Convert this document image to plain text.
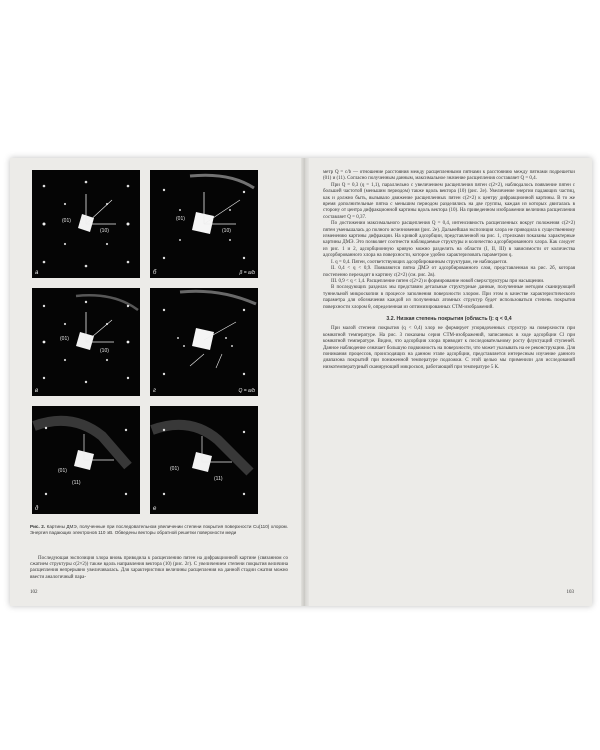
(01)
(10)
а
(01)
(10)
б	β = a/b
(01)
(10)
в	г	Q = a/b
(01)
(11)
д
(01)
(11)
е
Рис. 2. Картины ДМЭ, полученные при последовательном увеличении степени покрытия поверхности Cu(110) хлором. Энергия падающих электронов 110 эВ. Обведены векторы обратной решетки поверхности меди

Последующая экспозиция хлора вновь приводила к расщеплению пятен на дифракционной картине (связанном со сжатием структуры c(2×2)) также вдоль направления вектора (10) (рис. 2г). С увеличением степени покрытия величина расщепления непрерывно увеличивалась. Для характеристики величины расщепления на данной стадии сжатия можно ввести аналогичный пара-

102

метр Q = c/b — отношение расстояния между расщепленными пятнами к расстоянию между пятнами подрешетки (01) и (11). Согласно полученным данным, максимальное значение расщепления составляет Q = 0,4.

При Q = 0,3 (q = 1,1), параллельно с увеличением расщепления пятен c(2×2), наблюдалось появление пятен с большей частотой (меньшим периодом) также вдоль вектора (10) (рис. 2е). Увеличение энергии падающих частиц, как и должно быть, вызывало движение расщепленных пятен c(2×2) к центру дифракционной картины. В то же время дополнительные пятна с меньшим периодом разделялись на две группы, каждая из которых двигалась в сторону от центра дифракционной картины вдоль вектора (10). На приведенном изображении величина расщепления составляет Q = 0,37.

По достижении максимального расщепления Q = 0,4, интенсивность расщепленных вокруг положения c(2×2) пятен уменьшалась до полного исчезновения (рис. 2е). Дальнейшая экспозиция хлора не приводила к существенному изменению картины дифракции. На кривой адсорбции, представленной на рис. 1, стрелками показаны характерные картины ДМЭ. Это позволяет соотнести наблюдаемые структуры и количество адсорбированного хлора. Как следует из рис. 1 и 2, адсорбционную кривую можно разделить на области (I, II, III) в зависимости от количества адсорбированного хлора на поверхности, которое удобно характеризовать параметром q.

I. q = 0,4. Пятен, соответствующих адсорбированным структурам, не наблюдается.

II. 0,4 < q < 0,9. Появляются пятна ДМЭ от адсорбированного слоя, представленная на рис. 2б, которая постепенно переходит в картину c(2×2) (см. рис. 2в).

III. 0,9 < q < 1,4. Расщепление пятен c(2×2) и формирование новой сверхструктуры при насыщении.

В последующих разделах мы представим детальные структурные данные, полученные методом сканирующей туннельной микроскопии в процессе заполнения поверхности хлором. При этом в качестве характеристического параметра для обозначения каждой из полученных атомных структур будет использоваться степень покрытия поверхности хлором θ, определенная из оптимизированных СТМ-изображений.

3.2. Низкая степень покрытия (область I): q < 0,4

При малой степени покрытия (q < 0,4) хлор не формирует упорядоченных структур на поверхности при комнатной температуре. На рис. 3 показаны серия СТМ-изображений, записанных в ходе адсорбции Cl при комнатной температуре. Видно, что адсорбция хлора приводит к последовательному росту флуктуаций ступеней. Данное наблюдение означает большую подвижность на поверхности, что может указывать на ее реконструкцию. Для понимания процессов, происходящих на данном этапе адсорбции, представляется интересным изучение данного диапазона покрытий при пониженной температуре подложки. С этой целью мы применили для исследований низкотемпературный сканирующий микроскоп, работающий при температуре 5 К.

103
